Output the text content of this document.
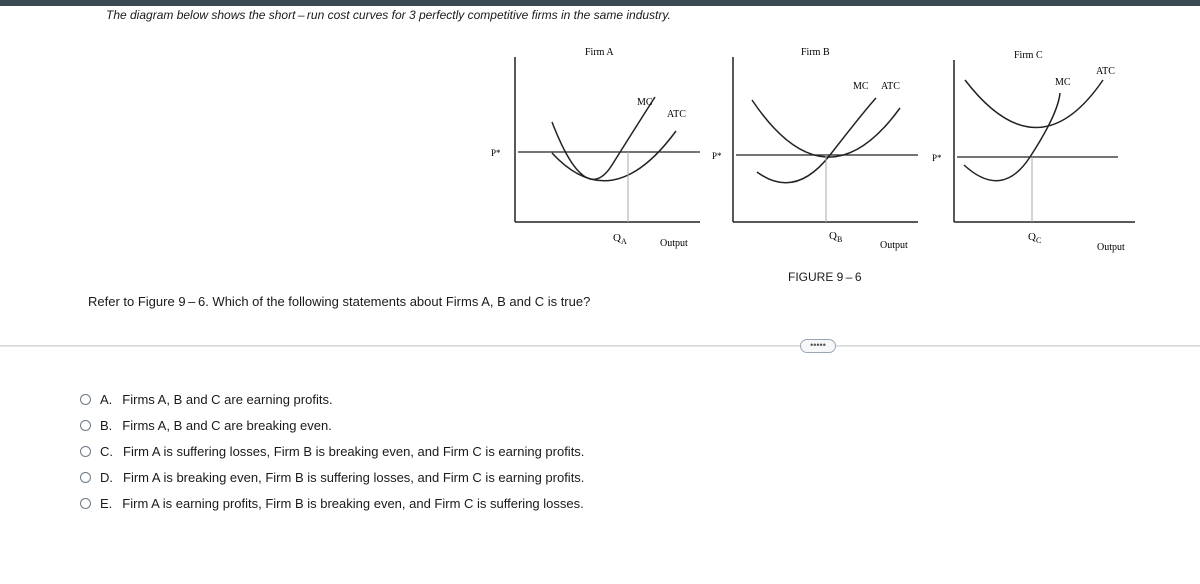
The diagram below shows the short – run cost curves for 3 perfectly competitive firms in the same industry.
Firm A
P*
MC
ATC
$Q_A$	Output
Firm B
P*
MC ATC
$Q_B$
Output
Firm C
P*
MC
ATC
$Q_C$
Output
FIGURE 9 – 6
Refer to Figure 9 – 6. Which of the following statements about Firms A, B and C is true?
•••••
A. Firms A, B and C are earning profits.
B. Firms A, B and C are breaking even.
C. Firm A is suffering losses, Firm B is breaking even, and Firm C is earning profits.
D. Firm A is breaking even, Firm B is suffering losses, and Firm C is earning profits.
E. Firm A is earning profits, Firm B is breaking even, and Firm C is suffering losses.
